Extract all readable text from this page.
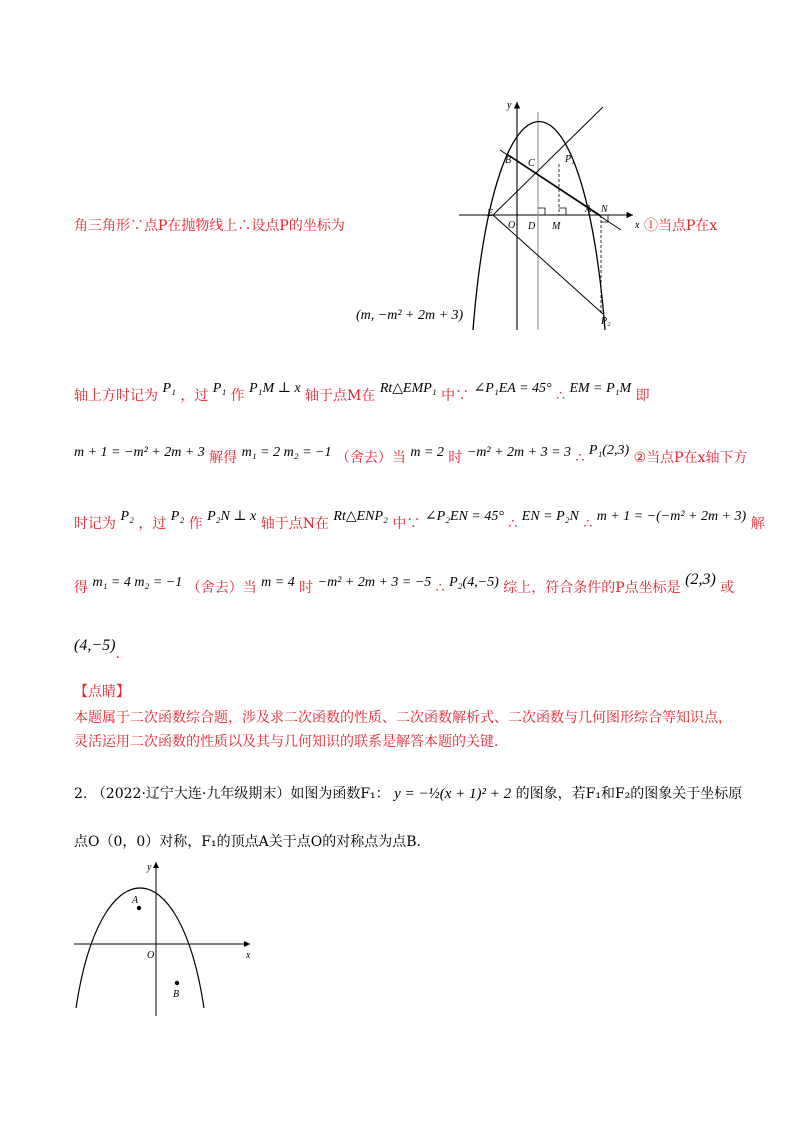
y
x
B C	P₁
E
O D M
A N
P₂
角三角形∵点P在抛物线上∴设点P的坐标为	①当点P在x
(m, −m² + 2m + 3)
轴上方时记为 P₁ ，过 P₁ 作 P₁M ⊥ x 轴于点M在 Rt△EMP₁ 中∵ ∠P₁EA = 45° ∴ EM = P₁M 即
m + 1 = −m² + 2m + 3 解得 m₁ = 2 m₂ = −1 （舍去）当 m = 2 时 −m² + 2m + 3 = 3 ∴ P₁(2,3) ②当点P在x轴下方
时记为 P₂ ，过 P₂ 作 P₂N ⊥ x 轴于点N在 Rt△ENP₂ 中∵ ∠P₂EN = 45° ∴ EN = P₂N ∴ m + 1 = −(−m² + 2m + 3) 解
得 m₁ = 4 m₂ = −1 （舍去）当 m = 4 时 −m² + 2m + 3 = −5 ∴ P₂(4,−5) 综上，符合条件的P点坐标是 (2,3) 或
(4,−5).
【点睛】
本题属于二次函数综合题，涉及求二次函数的性质、二次函数解析式、二次函数与几何图形综合等知识点，灵活运用二次函数的性质以及其与几何知识的联系是解答本题的关键.
2. （2022·辽宁大连·九年级期末）如图为函数F₁： y = −½(x + 1)² + 2 的图象，若F₁和F₂的图象关于坐标原
点O（0，0）对称，F₁的顶点A关于点O的对称点为点B.
y
x
A
O
B
